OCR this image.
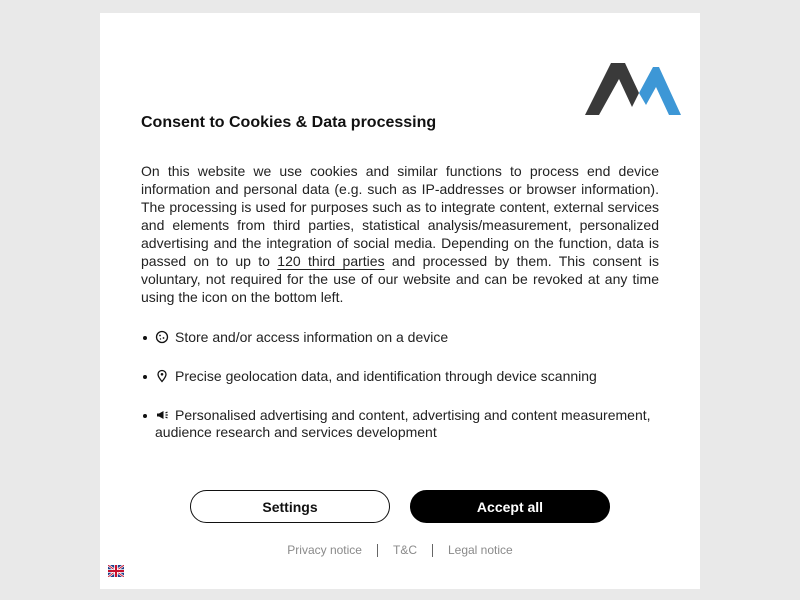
Consent to Cookies & Data processing

On this website we use cookies and similar functions to process end device information and personal data (e.g. such as IP-addresses or browser information). The processing is used for purposes such as to integrate content, external services and elements from third parties, statistical analysis/measurement, personalized advertising and the integration of social media. Depending on the function, data is passed on to up to 120 third parties and processed by them. This consent is voluntary, not required for the use of our website and can be revoked at any time using the icon on the bottom left.

Store and/or access information on a device
Precise geolocation data, and identification through device scanning
Personalised advertising and content, advertising and content measurement, audience research and services development
Settings	Accept all
Privacy notice	T&C	Legal notice
